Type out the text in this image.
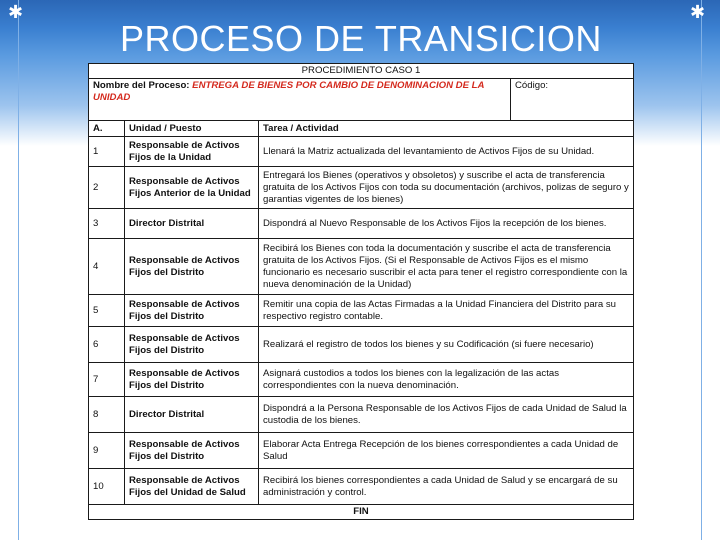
✱	✱
PROCESO DE TRANSICION
PROCEDIMIENTO CASO 1			
Nombre del Proceso: ENTREGA DE BIENES POR CAMBIO DE DENOMINACION DE LA UNIDAD			Código:
A.	Unidad / Puesto	Tarea / Actividad	
1	Responsable de Activos Fijos de la Unidad	Llenará la Matriz actualizada del levantamiento de Activos Fijos de su Unidad.	
2	Responsable de Activos Fijos Anterior de la Unidad	Entregará los Bienes (operativos y obsoletos) y suscribe el acta de transferencia gratuita de los Activos Fijos con toda su documentación (archivos, polizas de seguro y garantias vigentes de los bienes)	
3	Director Distrital	Dispondrá al Nuevo Responsable de los Activos Fijos la recepción de los bienes.	
4	Responsable de Activos Fijos del Distrito	Recibirá los Bienes con toda la documentación y suscribe el acta de transferencia gratuita de los Activos Fijos. (Si el Responsable de Activos Fijos es el mismo funcionario es necesario suscribir el acta para tener el registro correspondiente con la nueva denominación de la Unidad)	
5	Responsable de Activos Fijos del Distrito	Remitir una copia de las Actas Firmadas a la Unidad Financiera del Distrito para su respectivo registro contable.	
6	Responsable de Activos Fijos del Distrito	Realizará el registro de todos los bienes y su Codificación (si fuere necesario)	
7	Responsable de Activos Fijos del Distrito	Asignará custodios a todos los bienes con la legalización de las actas correspondientes con la nueva denominación.	
8	Director Distrital	Dispondrá a la Persona Responsable de los Activos Fijos de cada Unidad de Salud la custodia de los bienes.	
9	Responsable de Activos Fijos del Distrito	Elaborar Acta Entrega Recepción de los bienes correspondientes a cada Unidad de Salud	
10	Responsable de Activos Fijos del Unidad de Salud	Recibirá los bienes correspondientes a cada Unidad de Salud y se encargará de su administración y control.	
FIN			
